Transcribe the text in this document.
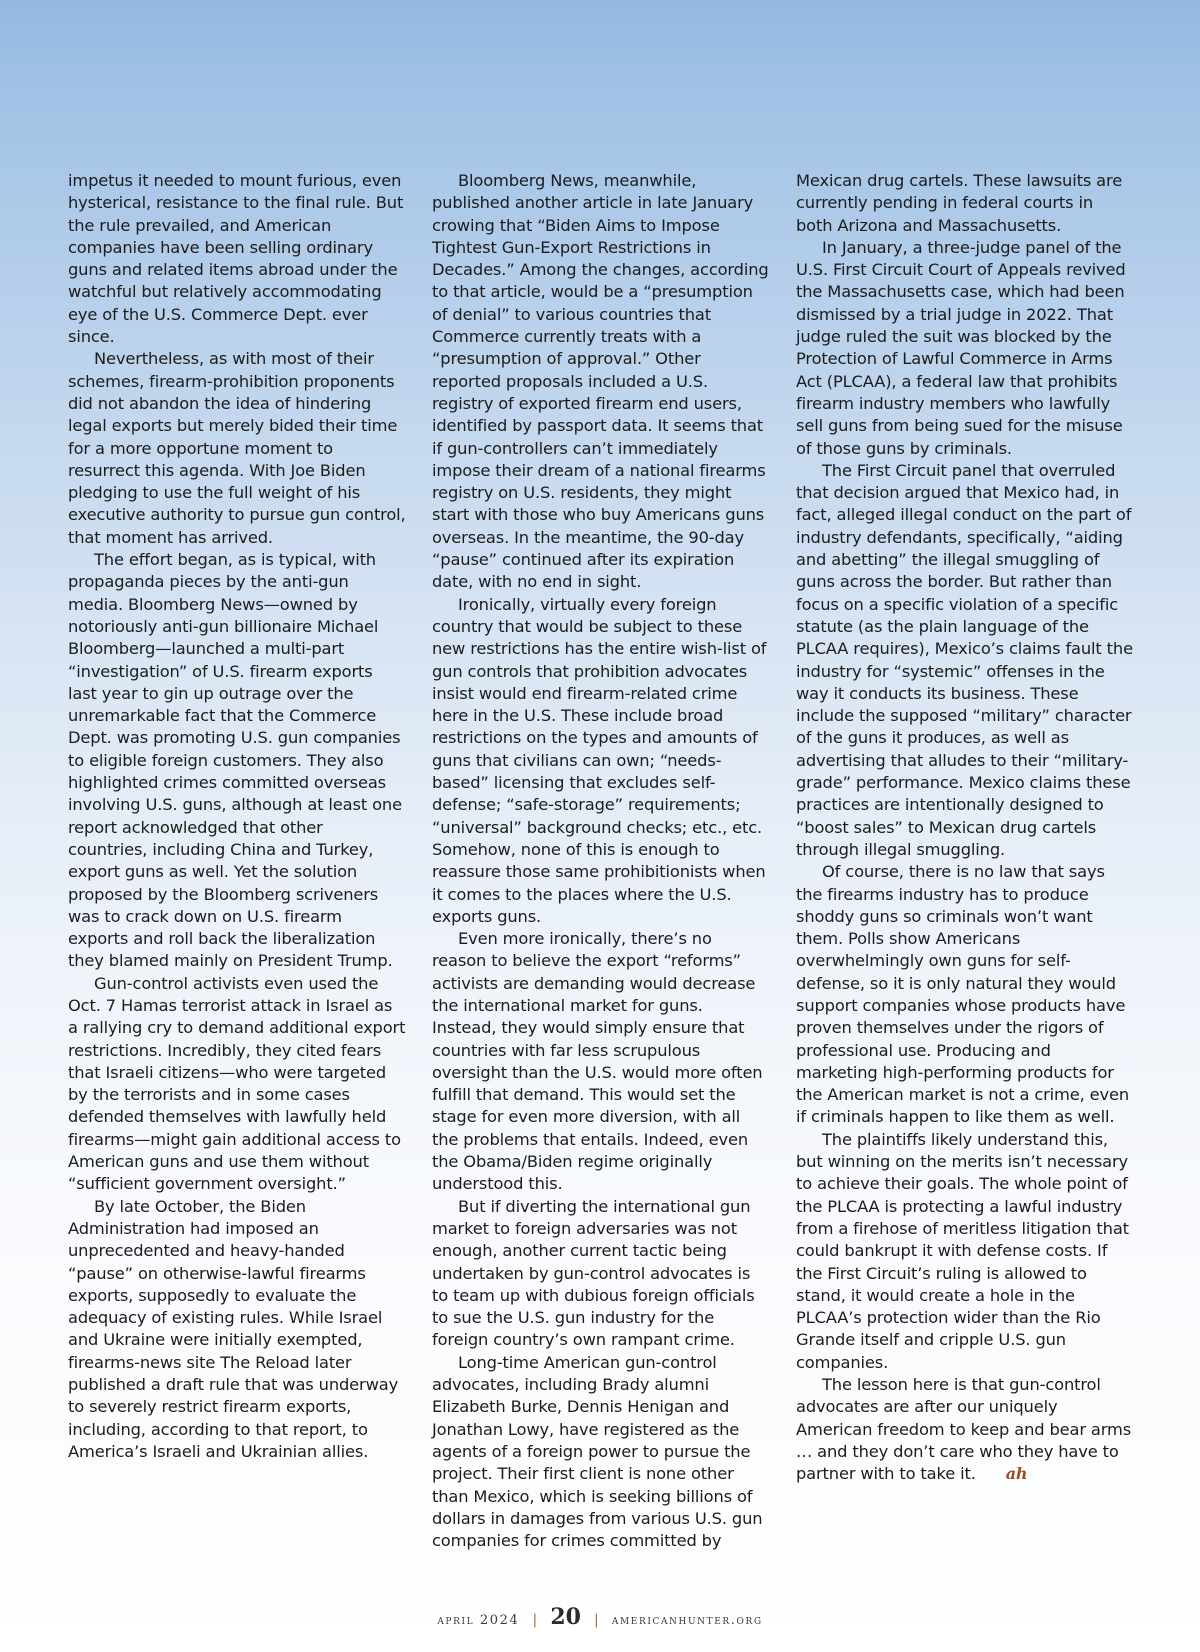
impetus it needed to mount furious, even hysterical, resistance to the final rule. But the rule prevailed, and American companies have been selling ordinary guns and related items abroad under the watchful but relatively accommodating eye of the U.S. Commerce Dept. ever since.

Nevertheless, as with most of their schemes, firearm-prohibition proponents did not abandon the idea of hindering legal exports but merely bided their time for a more opportune moment to resurrect this agenda. With Joe Biden pledging to use the full weight of his executive authority to pursue gun control, that moment has arrived.

The effort began, as is typical, with propaganda pieces by the anti-gun media. Bloomberg News—owned by notoriously anti-gun billionaire Michael Bloomberg—launched a multi-part “investigation” of U.S. firearm exports last year to gin up outrage over the unremarkable fact that the Commerce Dept. was promoting U.S. gun companies to eligible foreign customers. They also highlighted crimes committed overseas involving U.S. guns, although at least one report acknowledged that other countries, including China and Turkey, export guns as well. Yet the solution proposed by the Bloomberg scriveners was to crack down on U.S. firearm exports and roll back the liberalization they blamed mainly on President Trump.

Gun-control activists even used the Oct. 7 Hamas terrorist attack in Israel as a rallying cry to demand additional export restrictions. Incredibly, they cited fears that Israeli citizens—who were targeted by the terrorists and in some cases defended themselves with lawfully held firearms—might gain additional access to American guns and use them without “sufficient government oversight.”

By late October, the Biden Administration had imposed an unprecedented and heavy-handed “pause” on otherwise-lawful firearms exports, supposedly to evaluate the adequacy of existing rules. While Israel and Ukraine were initially exempted, firearms-news site The Reload later published a draft rule that was underway to severely restrict firearm exports, including, according to that report, to America’s Israeli and Ukrainian allies.

Bloomberg News, meanwhile, published another article in late January crowing that “Biden Aims to Impose Tightest Gun-Export Restrictions in Decades.” Among the changes, according to that article, would be a “presumption of denial” to various countries that Commerce currently treats with a “presumption of approval.” Other reported proposals included a U.S. registry of exported firearm end users, identified by passport data. It seems that if gun-controllers can’t immediately impose their dream of a national firearms registry on U.S. residents, they might start with those who buy Americans guns overseas. In the meantime, the 90-day “pause” continued after its expiration date, with no end in sight.

Ironically, virtually every foreign country that would be subject to these new restrictions has the entire wish-list of gun controls that prohibition advocates insist would end firearm-related crime here in the U.S. These include broad restrictions on the types and amounts of guns that civilians can own; “needs-based” licensing that excludes self-defense; “safe-storage” requirements; “universal” background checks; etc., etc. Somehow, none of this is enough to reassure those same prohibitionists when it comes to the places where the U.S. exports guns.

Even more ironically, there’s no reason to believe the export “reforms” activists are demanding would decrease the international market for guns. Instead, they would simply ensure that countries with far less scrupulous oversight than the U.S. would more often fulfill that demand. This would set the stage for even more diversion, with all the problems that entails. Indeed, even the Obama/Biden regime originally understood this.

But if diverting the international gun market to foreign adversaries was not enough, another current tactic being undertaken by gun-control advocates is to team up with dubious foreign officials to sue the U.S. gun industry for the foreign country’s own rampant crime.

Long-time American gun-control advocates, including Brady alumni Elizabeth Burke, Dennis Henigan and Jonathan Lowy, have registered as the agents of a foreign power to pursue the project. Their first client is none other than Mexico, which is seeking billions of dollars in damages from various U.S. gun companies for crimes committed by

Mexican drug cartels. These lawsuits are currently pending in federal courts in both Arizona and Massachusetts.

In January, a three-judge panel of the U.S. First Circuit Court of Appeals revived the Massachusetts case, which had been dismissed by a trial judge in 2022. That judge ruled the suit was blocked by the Protection of Lawful Commerce in Arms Act (PLCAA), a federal law that prohibits firearm industry members who lawfully sell guns from being sued for the misuse of those guns by criminals.

The First Circuit panel that overruled that decision argued that Mexico had, in fact, alleged illegal conduct on the part of industry defendants, specifically, “aiding and abetting” the illegal smuggling of guns across the border. But rather than focus on a specific violation of a specific statute (as the plain language of the PLCAA requires), Mexico’s claims fault the industry for “systemic” offenses in the way it conducts its business. These include the supposed “military” character of the guns it produces, as well as advertising that alludes to their “military-grade” performance. Mexico claims these practices are intentionally designed to “boost sales” to Mexican drug cartels through illegal smuggling.

Of course, there is no law that says the firearms industry has to produce shoddy guns so criminals won’t want them. Polls show Americans overwhelmingly own guns for self-defense, so it is only natural they would support companies whose products have proven themselves under the rigors of professional use. Producing and marketing high-performing products for the American market is not a crime, even if criminals happen to like them as well.

The plaintiffs likely understand this, but winning on the merits isn’t necessary to achieve their goals. The whole point of the PLCAA is protecting a lawful industry from a firehose of meritless litigation that could bankrupt it with defense costs. If the First Circuit’s ruling is allowed to stand, it would create a hole in the PLCAA’s protection wider than the Rio Grande itself and cripple U.S. gun companies.

The lesson here is that gun-control advocates are after our uniquely American freedom to keep and bear arms … and they don’t care who they have to partner with to take it. ah

april 2024 | 20 | americanhunter.org
